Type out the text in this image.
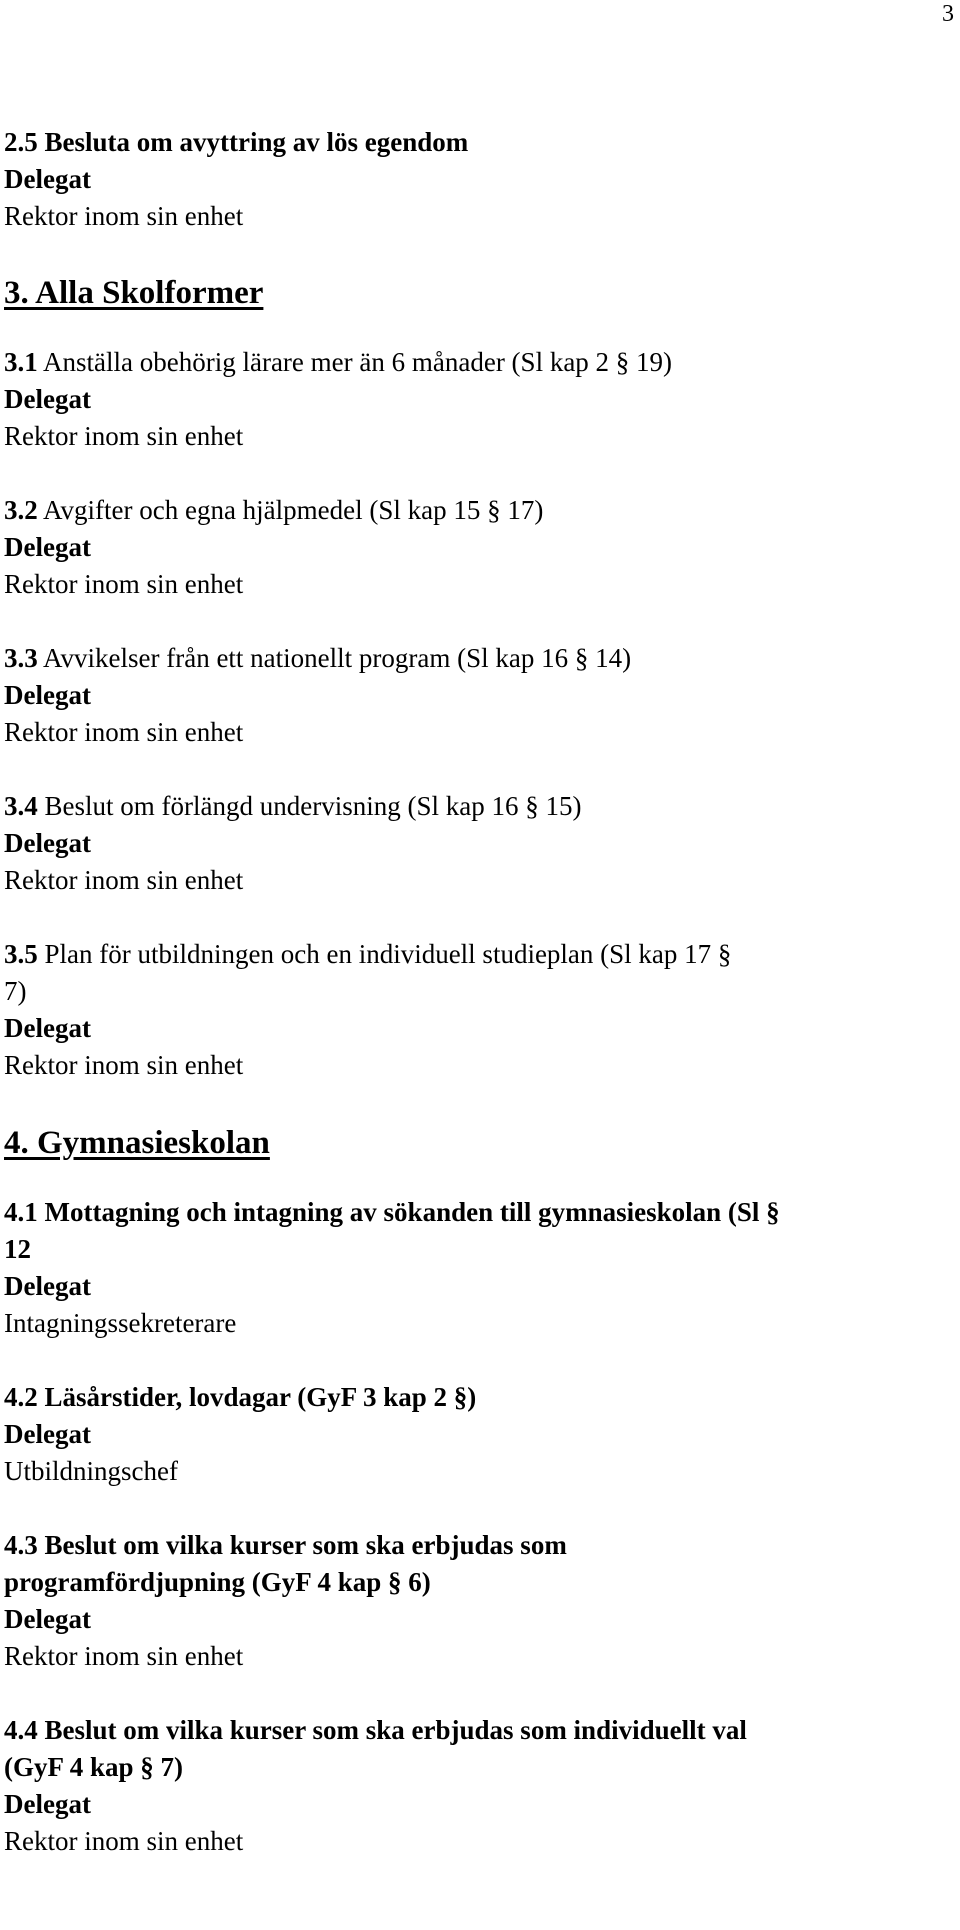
3
2.5 Besluta om avyttring av lös egendom
Delegat
Rektor inom sin enhet
3. Alla Skolformer
3.1 Anställa obehörig lärare mer än 6 månader (Sl kap 2 § 19)
Delegat
Rektor inom sin enhet
3.2 Avgifter och egna hjälpmedel (Sl kap 15 § 17)
Delegat
Rektor inom sin enhet
3.3 Avvikelser från ett nationellt program (Sl kap 16 § 14)
Delegat
Rektor inom sin enhet
3.4 Beslut om förlängd undervisning (Sl kap 16 § 15)
Delegat
Rektor inom sin enhet
3.5 Plan för utbildningen och en individuell studieplan (Sl kap 17 §
7)
Delegat
Rektor inom sin enhet
4. Gymnasieskolan
4.1 Mottagning och intagning av sökanden till gymnasieskolan (Sl §
12
Delegat
Intagningssekreterare
4.2 Läsårstider, lovdagar (GyF 3 kap 2 §)
Delegat
Utbildningschef
4.3 Beslut om vilka kurser som ska erbjudas som
programfördjupning (GyF 4 kap § 6)
Delegat
Rektor inom sin enhet
4.4 Beslut om vilka kurser som ska erbjudas som individuellt val
(GyF 4 kap § 7)
Delegat
Rektor inom sin enhet
